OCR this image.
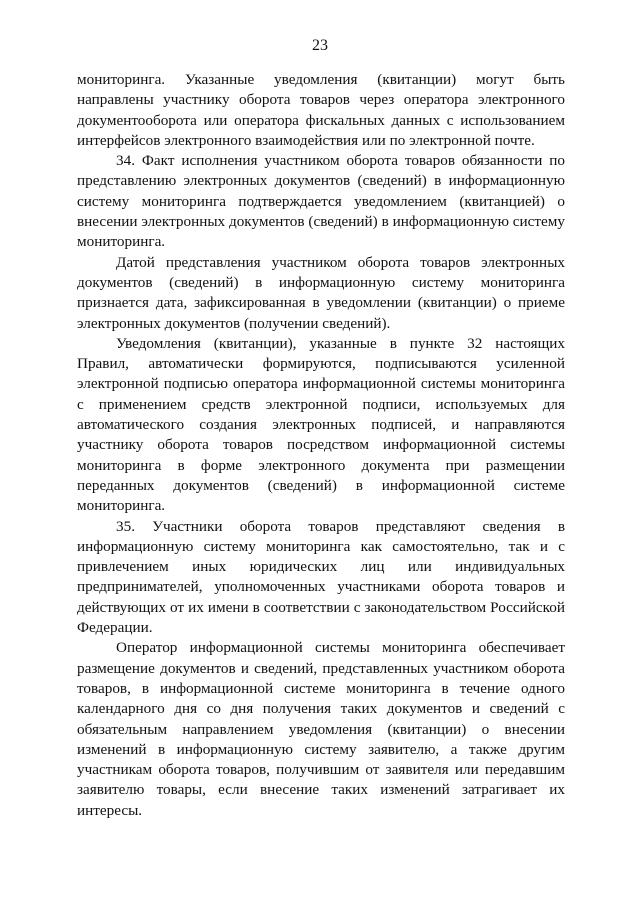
23

мониторинга. Указанные уведомления (квитанции) могут быть направлены участнику оборота товаров через оператора электронного документооборота или оператора фискальных данных с использованием интерфейсов электронного взаимодействия или по электронной почте.

34. Факт исполнения участником оборота товаров обязанности по представлению электронных документов (сведений) в информационную систему мониторинга подтверждается уведомлением (квитанцией) о внесении электронных документов (сведений) в информационную систему мониторинга.

Датой представления участником оборота товаров электронных документов (сведений) в информационную систему мониторинга признается дата, зафиксированная в уведомлении (квитанции) о приеме электронных документов (получении сведений).

Уведомления (квитанции), указанные в пункте 32 настоящих Правил, автоматически формируются, подписываются усиленной электронной подписью оператора информационной системы мониторинга с применением средств электронной подписи, используемых для автоматического создания электронных подписей, и направляются участнику оборота товаров посредством информационной системы мониторинга в форме электронного документа при размещении переданных документов (сведений) в информационной системе мониторинга.

35. Участники оборота товаров представляют сведения в информационную систему мониторинга как самостоятельно, так и с привлечением иных юридических лиц или индивидуальных предпринимателей, уполномоченных участниками оборота товаров и действующих от их имени в соответствии с законодательством Российской Федерации.

Оператор информационной системы мониторинга обеспечивает размещение документов и сведений, представленных участником оборота товаров, в информационной системе мониторинга в течение одного календарного дня со дня получения таких документов и сведений с обязательным направлением уведомления (квитанции) о внесении изменений в информационную систему заявителю, а также другим участникам оборота товаров, получившим от заявителя или передавшим заявителю товары, если внесение таких изменений затрагивает их интересы.
